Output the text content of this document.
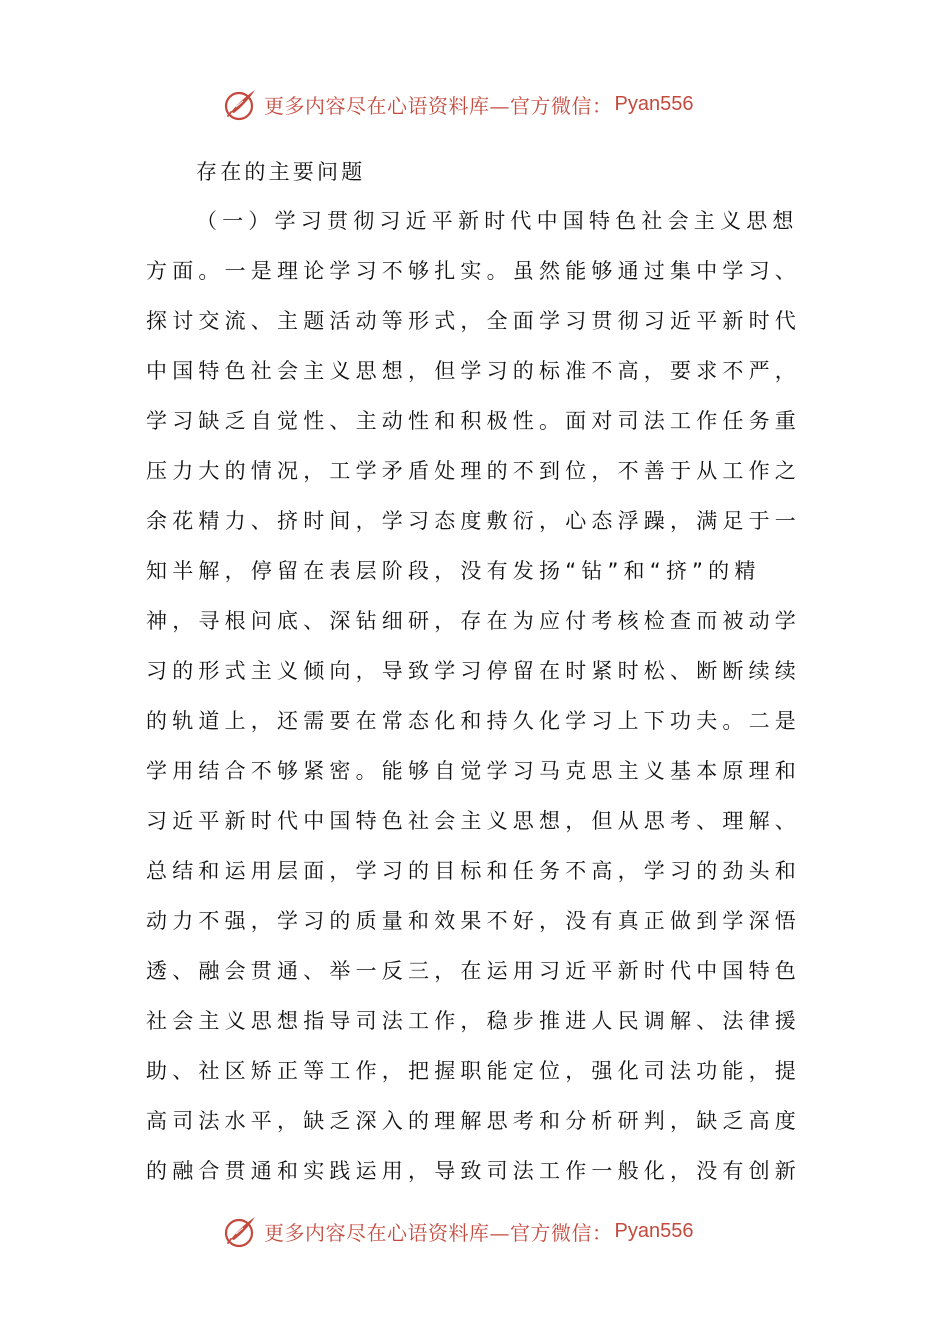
更多内容尽在心语资料库—官方微信： Pyan556
存在的主要问题
（一）学习贯彻习近平新时代中国特色社会主义思想
方面。一是理论学习不够扎实。虽然能够通过集中学习、
探讨交流、主题活动等形式，全面学习贯彻习近平新时代
中国特色社会主义思想，但学习的标准不高，要求不严，
学习缺乏自觉性、主动性和积极性。面对司法工作任务重
压力大的情况，工学矛盾处理的不到位，不善于从工作之
余花精力、挤时间，学习态度敷衍，心态浮躁，满足于一
知半解，停留在表层阶段，没有发扬“钻”和“挤”的精
神，寻根问底、深钻细研，存在为应付考核检查而被动学
习的形式主义倾向，导致学习停留在时紧时松、断断续续
的轨道上，还需要在常态化和持久化学习上下功夫。二是
学用结合不够紧密。能够自觉学习马克思主义基本原理和
习近平新时代中国特色社会主义思想，但从思考、理解、
总结和运用层面，学习的目标和任务不高，学习的劲头和
动力不强，学习的质量和效果不好，没有真正做到学深悟
透、融会贯通、举一反三，在运用习近平新时代中国特色
社会主义思想指导司法工作，稳步推进人民调解、法律援
助、社区矫正等工作，把握职能定位，强化司法功能，提
高司法水平，缺乏深入的理解思考和分析研判，缺乏高度
的融合贯通和实践运用，导致司法工作一般化，没有创新
更多内容尽在心语资料库—官方微信： Pyan556
